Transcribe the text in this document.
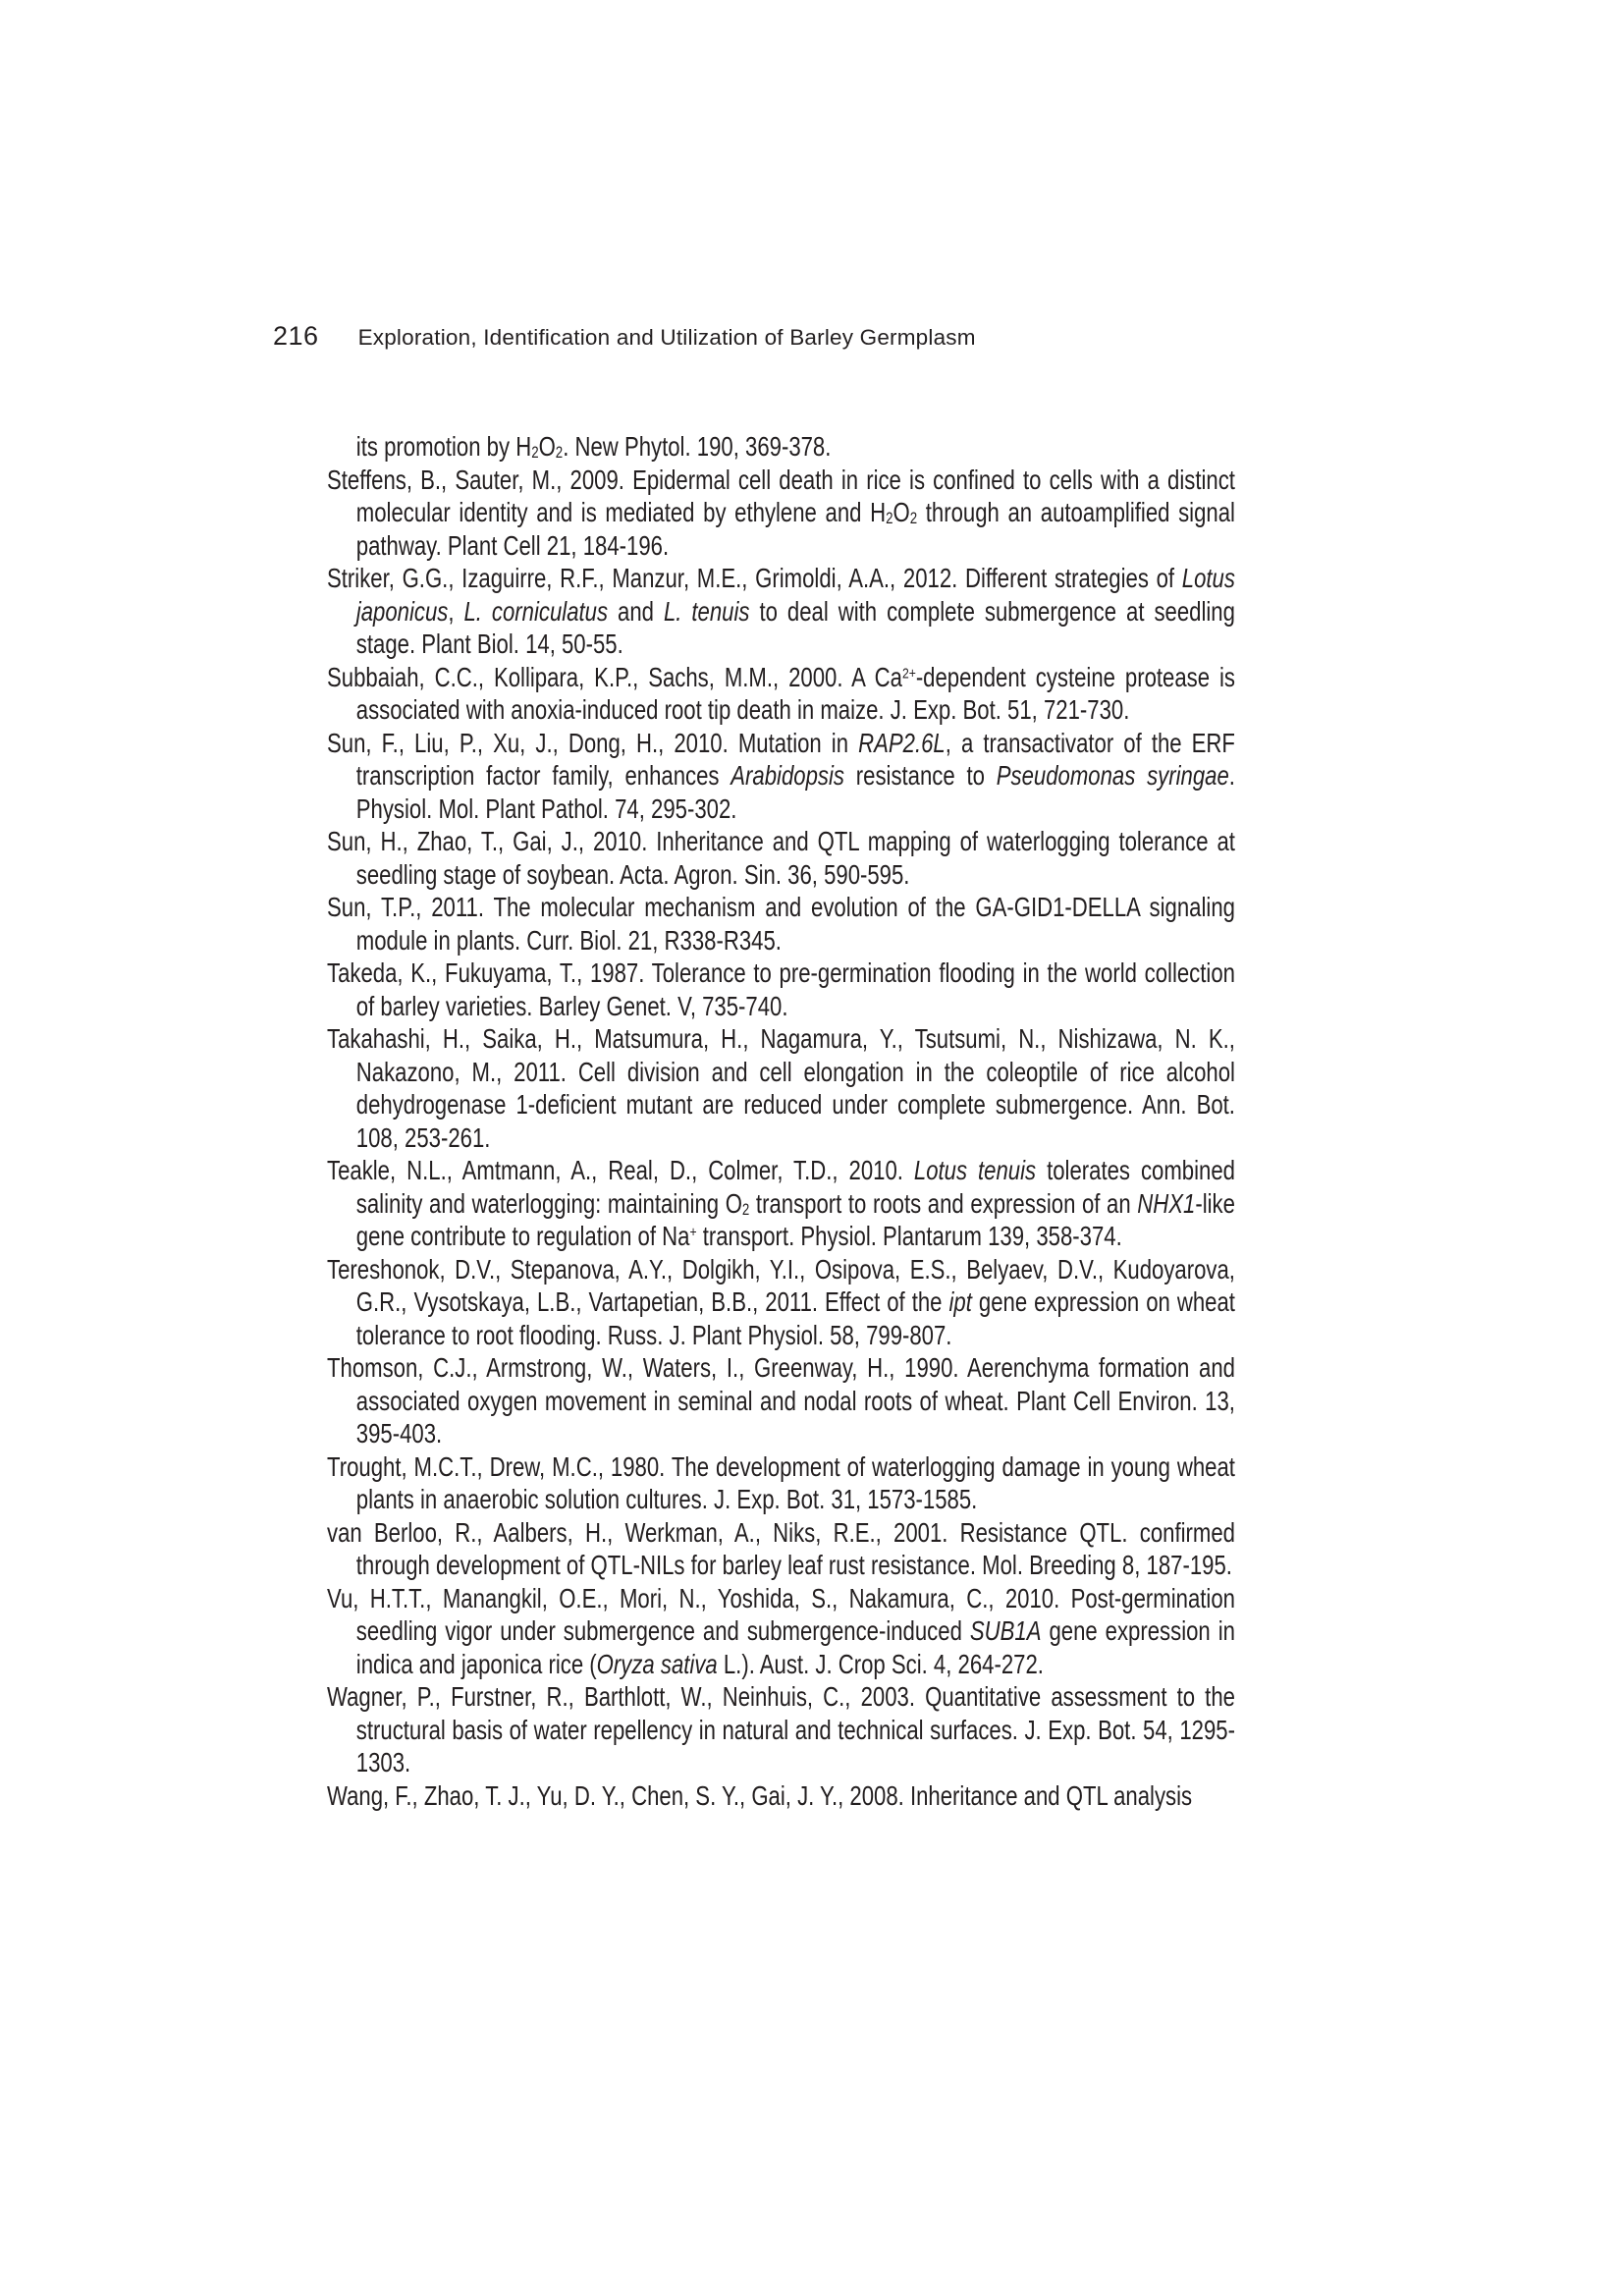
216 Exploration, Identification and Utilization of Barley Germplasm

its promotion by $H_2O_2$. New Phytol. 190, 369-378.

Steffens, B., Sauter, M., 2009. Epidermal cell death in rice is confined to cells with a distinct molecular identity and is mediated by ethylene and $H_2O_2$ through an autoamplified signal pathway. Plant Cell 21, 184-196.

Striker, G.G., Izaguirre, R.F., Manzur, M.E., Grimoldi, A.A., 2012. Different strategies of Lotus japonicus, L. corniculatus and L. tenuis to deal with complete submergence at seedling stage. Plant Biol. 14, 50-55.

Subbaiah, C.C., Kollipara, K.P., Sachs, M.M., 2000. A $Ca^{2+}$-dependent cysteine protease is associated with anoxia-induced root tip death in maize. J. Exp. Bot. 51, 721-730.

Sun, F., Liu, P., Xu, J., Dong, H., 2010. Mutation in RAP2.6L, a transactivator of the ERF transcription factor family, enhances Arabidopsis resistance to Pseudomonas syringae. Physiol. Mol. Plant Pathol. 74, 295-302.

Sun, H., Zhao, T., Gai, J., 2010. Inheritance and QTL mapping of waterlogging tolerance at seedling stage of soybean. Acta. Agron. Sin. 36, 590-595.

Sun, T.P., 2011. The molecular mechanism and evolution of the GA-GID1-DELLA signaling module in plants. Curr. Biol. 21, R338-R345.

Takeda, K., Fukuyama, T., 1987. Tolerance to pre-germination flooding in the world collection of barley varieties. Barley Genet. V, 735-740.

Takahashi, H., Saika, H., Matsumura, H., Nagamura, Y., Tsutsumi, N., Nishizawa, N. K., Nakazono, M., 2011. Cell division and cell elongation in the coleoptile of rice alcohol dehydrogenase 1-deficient mutant are reduced under complete submergence. Ann. Bot. 108, 253-261.

Teakle, N.L., Amtmann, A., Real, D., Colmer, T.D., 2010. Lotus tenuis tolerates combined salinity and waterlogging: maintaining $O_2$ transport to roots and expression of an NHX1-like gene contribute to regulation of Na+ transport. Physiol. Plantarum 139, 358-374.

Tereshonok, D.V., Stepanova, A.Y., Dolgikh, Y.I., Osipova, E.S., Belyaev, D.V., Kudoyarova, G.R., Vysotskaya, L.B., Vartapetian, B.B., 2011. Effect of the ipt gene expression on wheat tolerance to root flooding. Russ. J. Plant Physiol. 58, 799-807.

Thomson, C.J., Armstrong, W., Waters, I., Greenway, H., 1990. Aerenchyma formation and associated oxygen movement in seminal and nodal roots of wheat. Plant Cell Environ. 13, 395-403.

Trought, M.C.T., Drew, M.C., 1980. The development of waterlogging damage in young wheat plants in anaerobic solution cultures. J. Exp. Bot. 31, 1573-1585.

van Berloo, R., Aalbers, H., Werkman, A., Niks, R.E., 2001. Resistance QTL. confirmed through development of QTL-NILs for barley leaf rust resistance. Mol. Breeding 8, 187-195.

Vu, H.T.T., Manangkil, O.E., Mori, N., Yoshida, S., Nakamura, C., 2010. Post-germination seedling vigor under submergence and submergence-induced SUB1A gene expression in indica and japonica rice (Oryza sativa L.). Aust. J. Crop Sci. 4, 264-272.

Wagner, P., Furstner, R., Barthlott, W., Neinhuis, C., 2003. Quantitative assessment to the structural basis of water repellency in natural and technical surfaces. J. Exp. Bot. 54, 1295-1303.

Wang, F., Zhao, T. J., Yu, D. Y., Chen, S. Y., Gai, J. Y., 2008. Inheritance and QTL analysis
